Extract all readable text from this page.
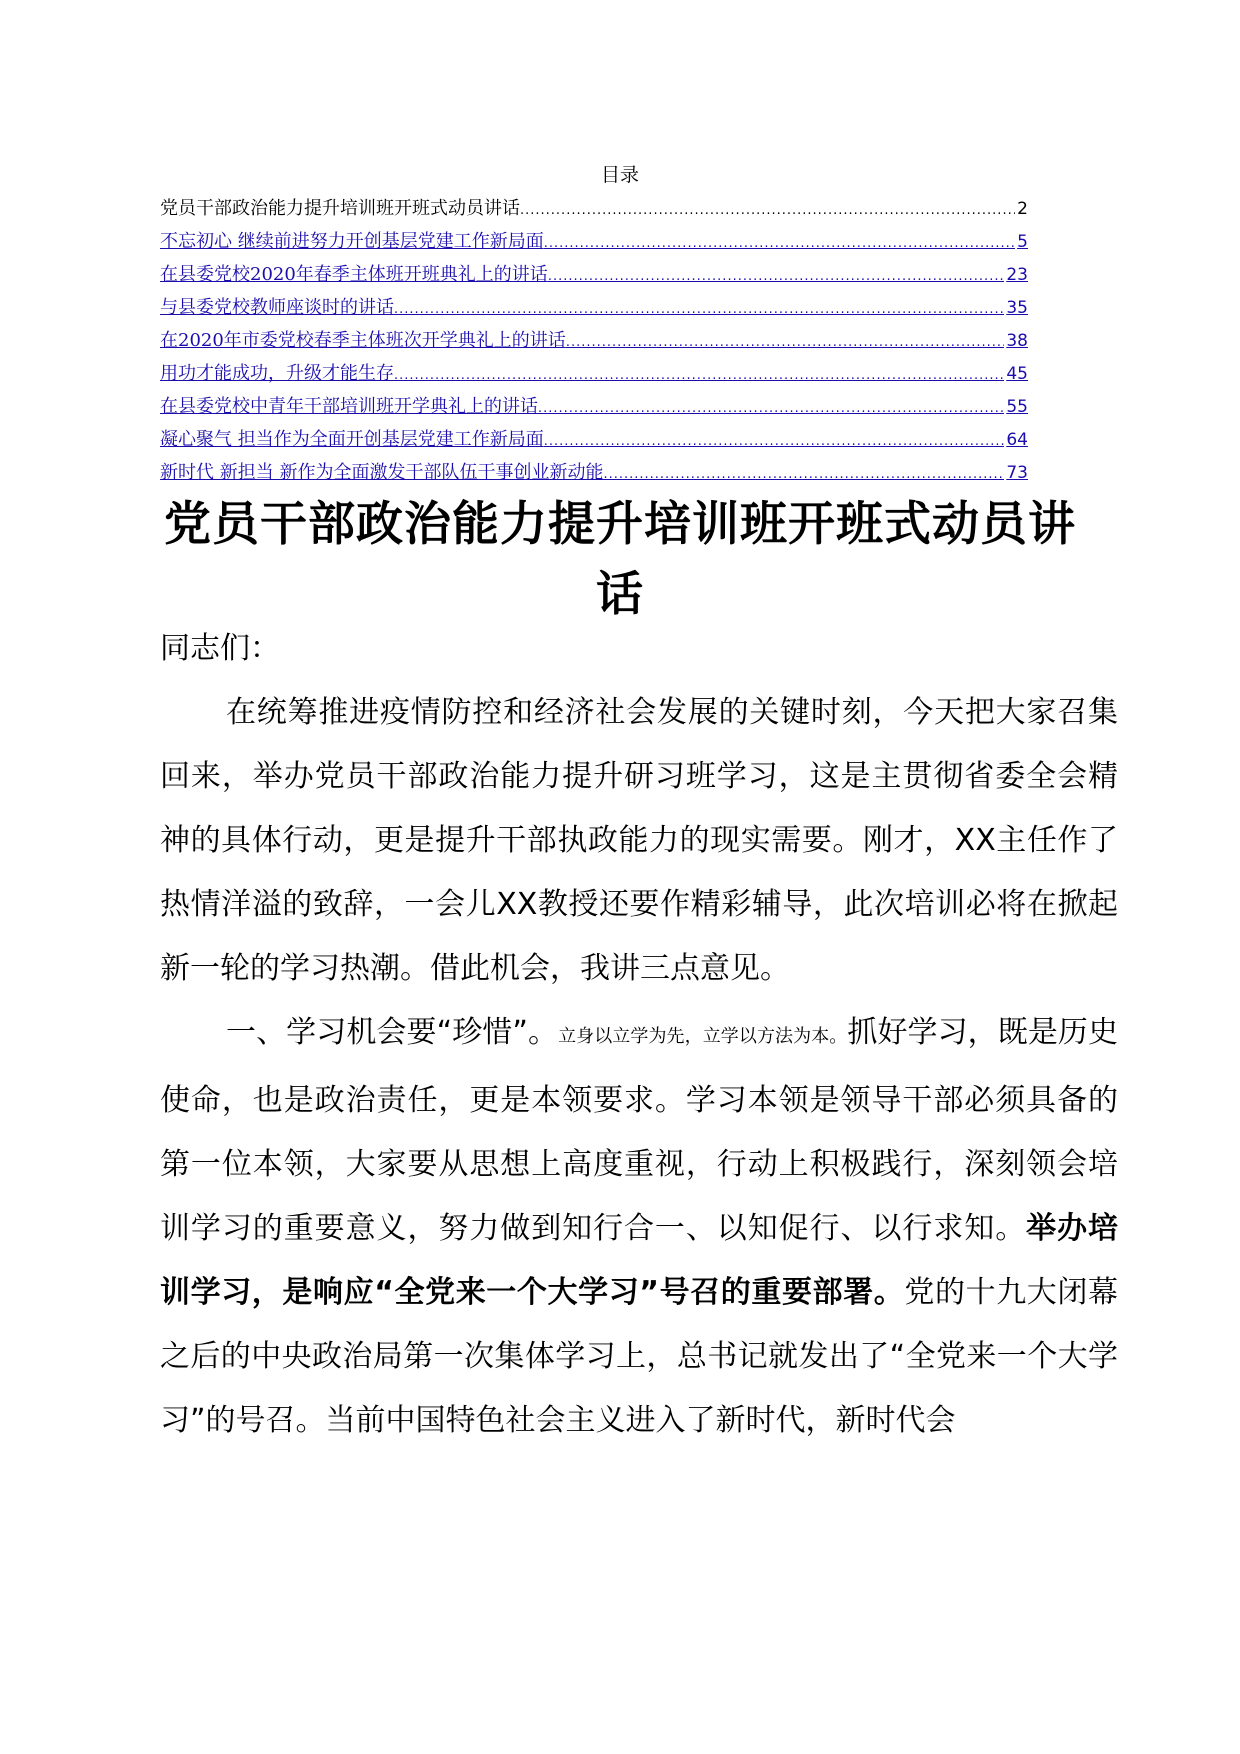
目录
党员干部政治能力提升培训班开班式动员讲话 .....	2
不忘初心 继续前进努力开创基层党建工作新局面 .....	5
在县委党校2020年春季主体班开班典礼上的讲话 .....	23
与县委党校教师座谈时的讲话 .....	35
在2020年市委党校春季主体班次开学典礼上的讲话 .....	38
用功才能成功，升级才能生存 .....	45
在县委党校中青年干部培训班开学典礼上的讲话 .....	55
凝心聚气 担当作为全面开创基层党建工作新局面 .....	64
新时代 新担当 新作为全面激发干部队伍干事创业新动能 .....	73
党员干部政治能力提升培训班开班式动员讲话

同志们：

在统筹推进疫情防控和经济社会发展的关键时刻，今天把大家召集回来，举办党员干部政治能力提升研习班学习，这是主贯彻省委全会精神的具体行动，更是提升干部执政能力的现实需要。刚才，XX主任作了热情洋溢的致辞，一会儿XX教授还要作精彩辅导，此次培训必将在掀起新一轮的学习热潮。借此机会，我讲三点意见。

一、学习机会要“珍惜”。立身以立学为先，立学以方法为本。抓好学习，既是历史使命，也是政治责任，更是本领要求。学习本领是领导干部必须具备的第一位本领，大家要从思想上高度重视，行动上积极践行，深刻领会培训学习的重要意义，努力做到知行合一、以知促行、以行求知。举办培训学习，是响应“全党来一个大学习”号召的重要部署。党的十九大闭幕之后的中央政治局第一次集体学习上，总书记就发出了“全党来一个大学习”的号召。当前中国特色社会主义进入了新时代，新时代会
